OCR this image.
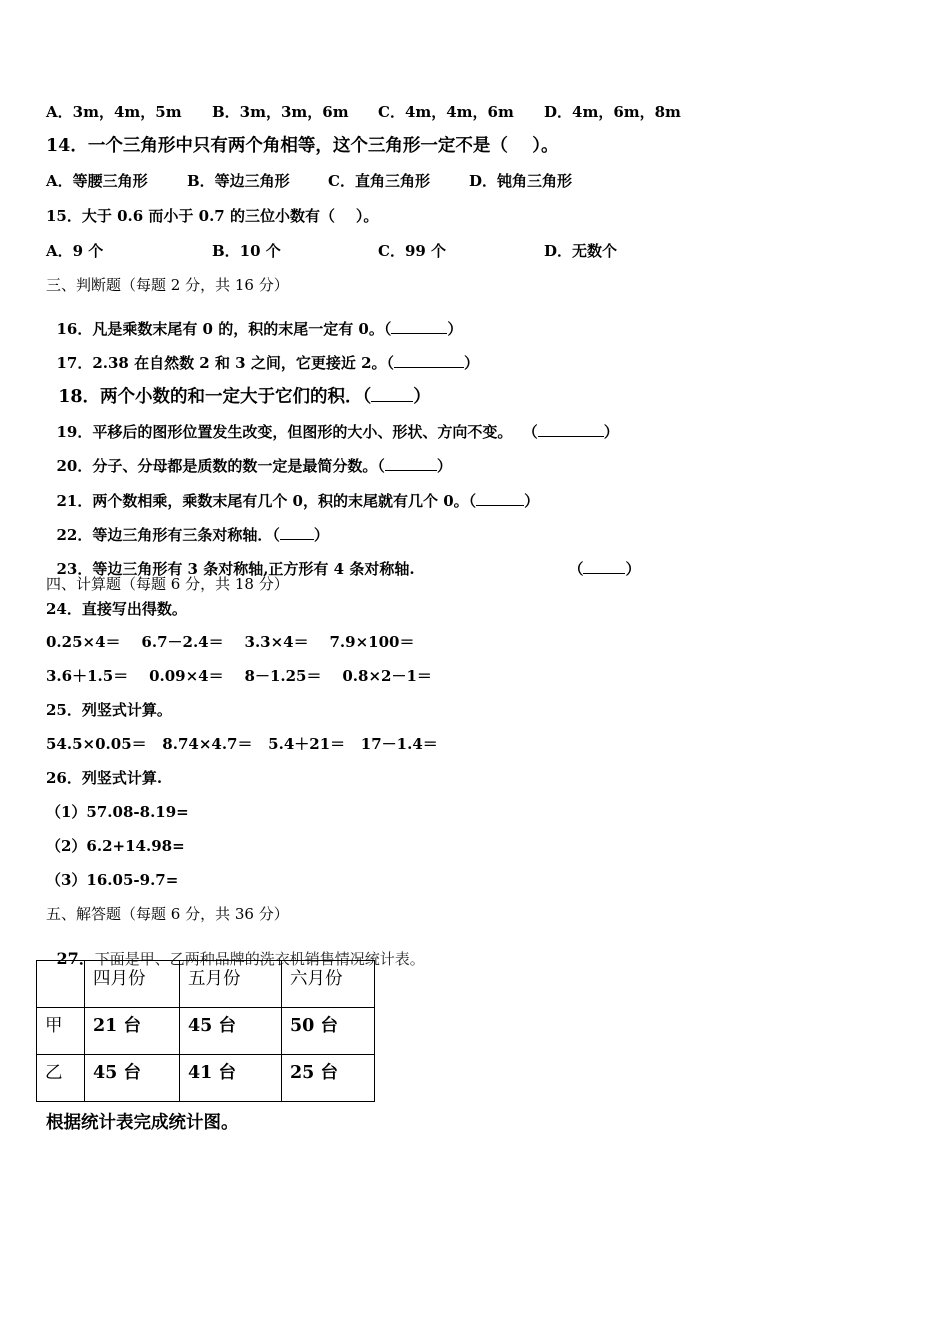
A．3m，4m，5m B．3m，3m，6m C．4m，4m，6m D．4m，6m，8m
14．一个三角形中只有两个角相等，这个三角形一定不是（    ）。
A．等腰三角形	B．等边三角形	C．直角三角形	D．钝角三角形
15．大于 0.6 而小于 0.7 的三位小数有（    ）。
A．9 个	B．10 个	C．99 个	D．无数个
三、判断题（每题 2 分，共 16 分）

16．凡是乘数末尾有 0 的，积的末尾一定有 0。（	）

17．2.38 在自然数 2 和 3 之间，它更接近 2。（	）

18．两个小数的和一定大于它们的积．（ ）

19．平移后的图形位置发生改变，但图形的大小、形状、方向不变。  （	）

20．分子、分母都是质数的数一定是最简分数。（	）

21．两个数相乘，乘数末尾有几个 0，积的末尾就有几个 0。（	）

22．等边三角形有三条对称轴．（ ）

23．等边三角形有 3 条对称轴,正方形有 4 条对称轴.	（	）

四、计算题（每题 6 分，共 18 分）
24．直接写出得数。
0.25×4＝    6.7－2.4＝    3.3×4＝    7.9×100＝
3.6＋1.5＝    0.09×4＝    8－1.25＝    0.8×2－1＝
25．列竖式计算。
54.5×0.05＝   8.74×4.7＝   5.4＋21＝   17－1.4＝
26．列竖式计算.
（1）57.08-8.19=
（2）6.2+14.98=
（3）16.05-9.7=
五、解答题（每题 6 分，共 36 分）

27．下面是甲、乙两种品牌的洗衣机销售情况统计表。

	四月份	五月份	六月份
甲	21 台	45 台	50 台
乙	45 台	41 台	25 台
根据统计表完成统计图。
